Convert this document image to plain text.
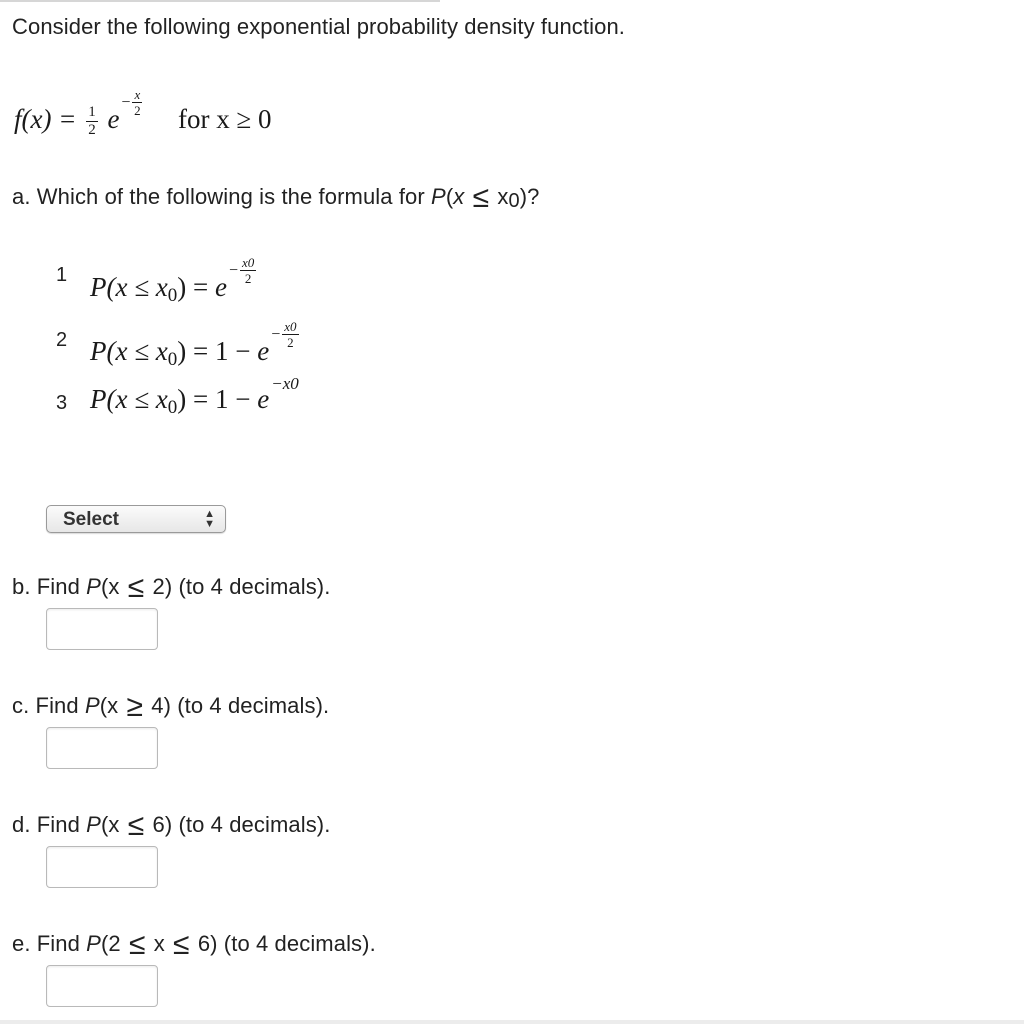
Consider the following exponential probability density function.
$f(x) = \frac{1}{2} e- \frac{x}{2}$
for x ≥ 0
a. Which of the following is the formula for P(x ≤ x0)?
1 $P(x \le x0) = e- \frac{x0}{2}$
2 $P(x \le x0) = 1 - e- \frac{x0}{2}$
3 P(x ≤ x0) = 1 − e−x0
Select	▲
▼
b. Find P(x ≤ 2) (to 4 decimals).
c. Find P(x ≥ 4) (to 4 decimals).
d. Find P(x ≤ 6) (to 4 decimals).
e. Find P(2 ≤ x ≤ 6) (to 4 decimals).
